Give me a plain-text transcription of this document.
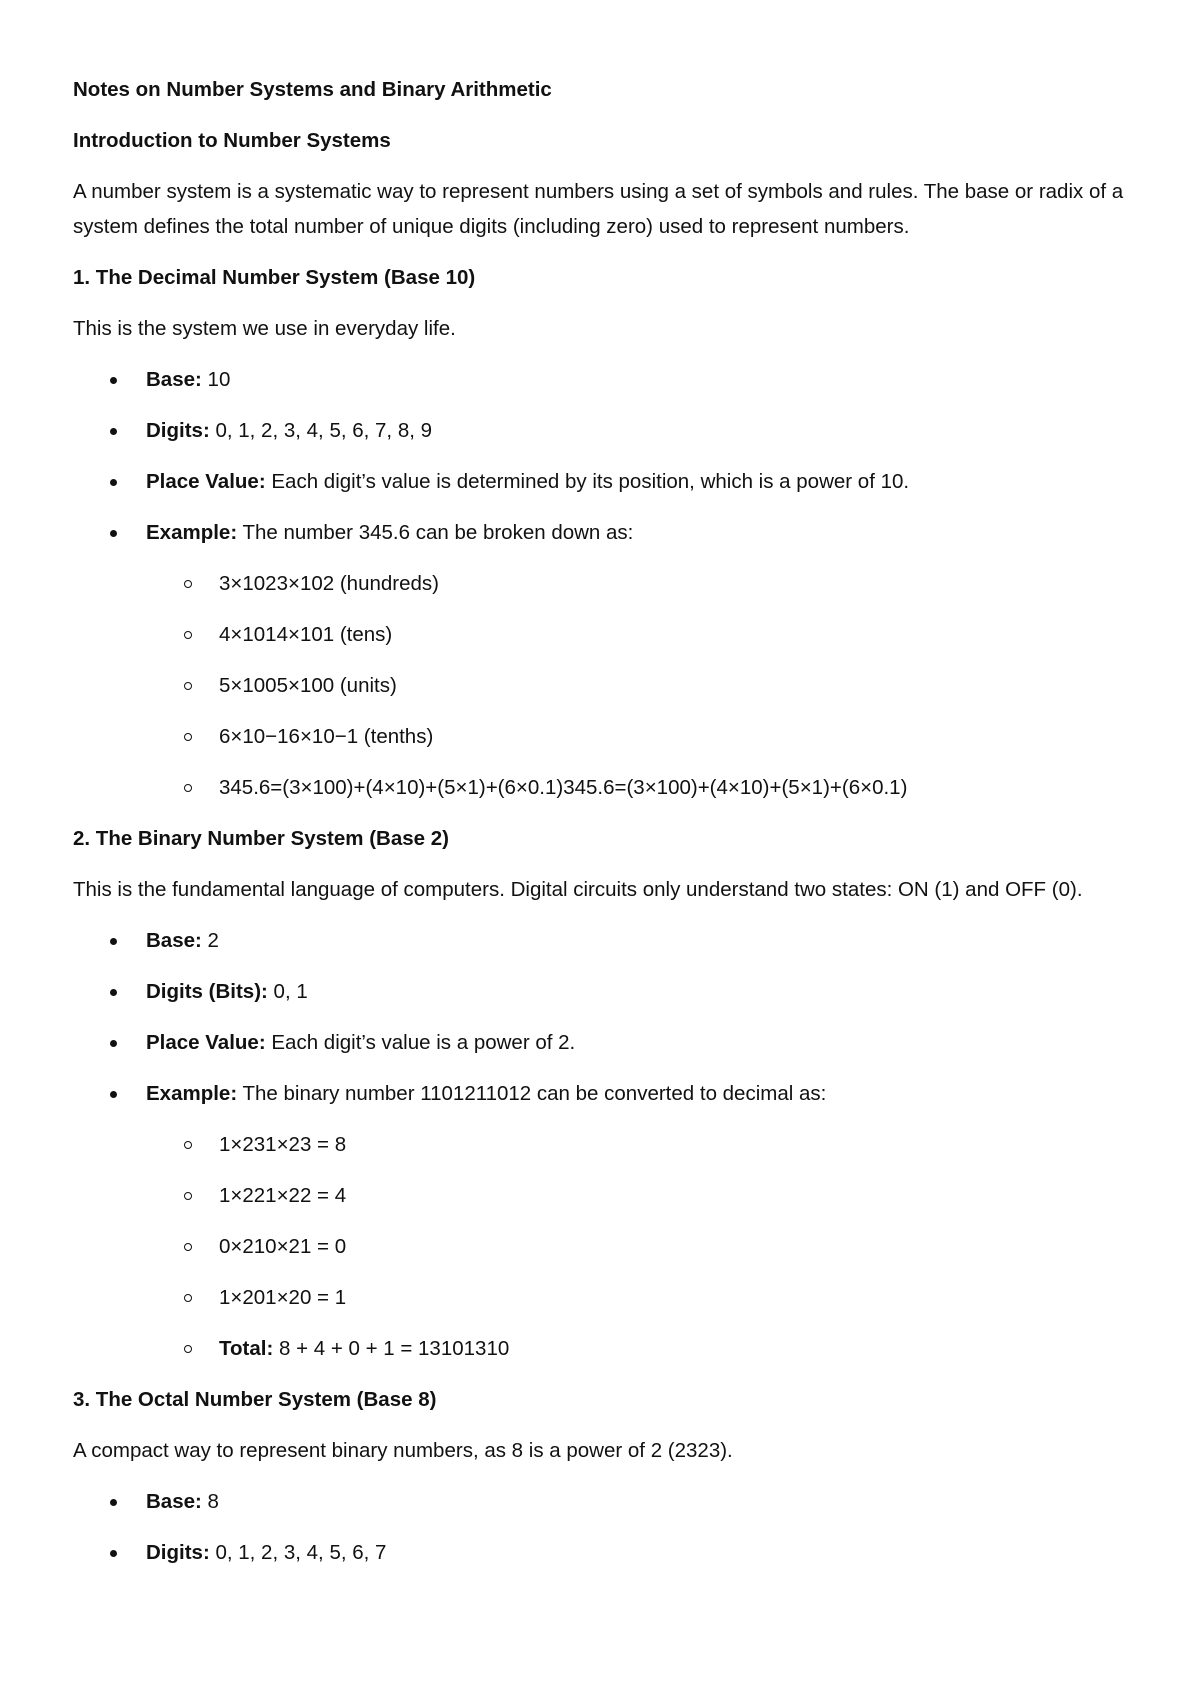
Notes on Number Systems and Binary Arithmetic
Introduction to Number Systems
A number system is a systematic way to represent numbers using a set of symbols and rules. The base or radix of a system defines the total number of unique digits (including zero) used to represent numbers.
1. The Decimal Number System (Base 10)
This is the system we use in everyday life.
Base: 10
Digits: 0, 1, 2, 3, 4, 5, 6, 7, 8, 9
Place Value: Each digit’s value is determined by its position, which is a power of 10.
Example: The number 345.6 can be broken down as:
3×1023×102 (hundreds)
4×1014×101 (tens)
5×1005×100 (units)
6×10−16×10−1 (tenths)
345.6=(3×100)+(4×10)+(5×1)+(6×0.1)345.6=(3×100)+(4×10)+(5×1)+(6×0.1)
2. The Binary Number System (Base 2)
This is the fundamental language of computers. Digital circuits only understand two states: ON (1) and OFF (0).
Base: 2
Digits (Bits): 0, 1
Place Value: Each digit’s value is a power of 2.
Example: The binary number 1101211012 can be converted to decimal as:
1×231×23 = 8
1×221×22 = 4
0×210×21 = 0
1×201×20 = 1
Total: 8 + 4 + 0 + 1 = 13101310
3. The Octal Number System (Base 8)
A compact way to represent binary numbers, as 8 is a power of 2 (2323).
Base: 8
Digits: 0, 1, 2, 3, 4, 5, 6, 7
